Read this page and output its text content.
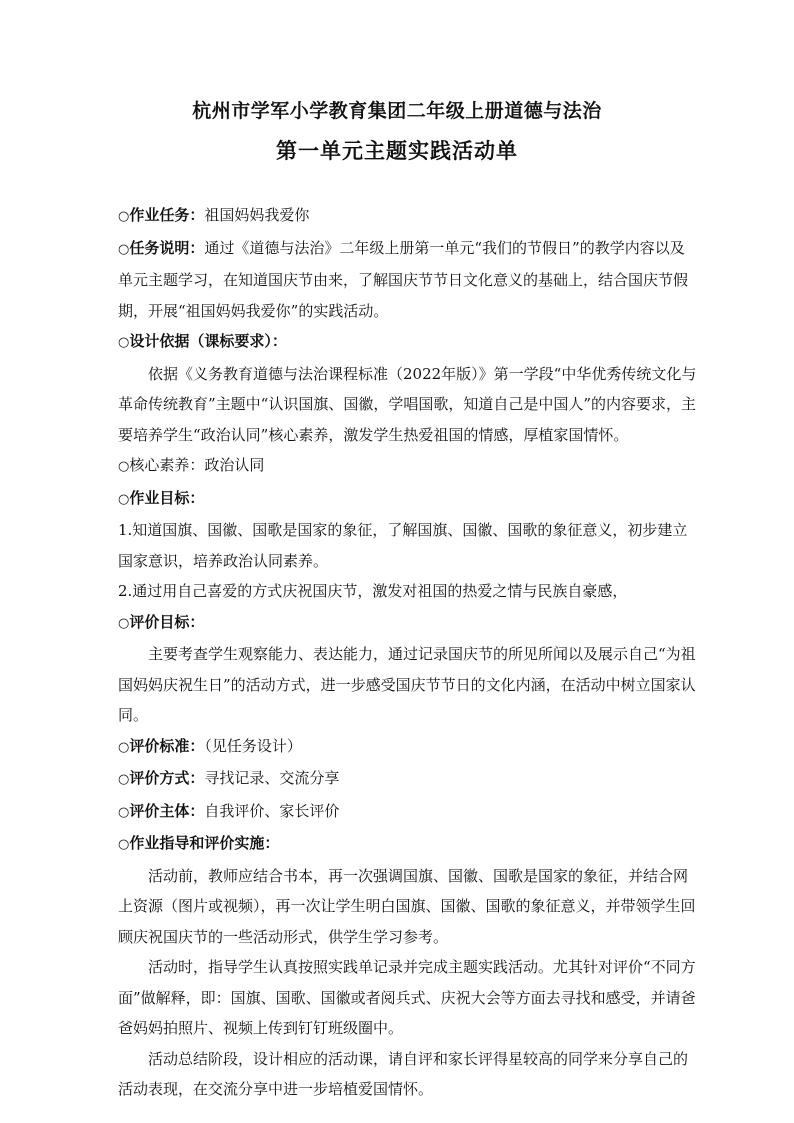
杭州市学军小学教育集团二年级上册道德与法治
第一单元主题实践活动单

○作业任务：祖国妈妈我爱你

○任务说明：通过《道德与法治》二年级上册第一单元“我们的节假日”的教学内容以及单元主题学习，在知道国庆节由来，了解国庆节节日文化意义的基础上，结合国庆节假期，开展“祖国妈妈我爱你”的实践活动。

○设计依据（课标要求）：

依据《义务教育道德与法治课程标准（2022年版）》第一学段“中华优秀传统文化与革命传统教育”主题中“认识国旗、国徽，学唱国歌，知道自己是中国人”的内容要求，主要培养学生“政治认同”核心素养，激发学生热爱祖国的情感，厚植家国情怀。

○核心素养：政治认同

○作业目标：

1.知道国旗、国徽、国歌是国家的象征，了解国旗、国徽、国歌的象征意义，初步建立国家意识，培养政治认同素养。

2.通过用自己喜爱的方式庆祝国庆节，激发对祖国的热爱之情与民族自豪感，

○评价目标：

主要考查学生观察能力、表达能力，通过记录国庆节的所见所闻以及展示自己“为祖国妈妈庆祝生日”的活动方式，进一步感受国庆节节日的文化内涵，在活动中树立国家认同。

○评价标准：（见任务设计）

○评价方式：寻找记录、交流分享

○评价主体：自我评价、家长评价

○作业指导和评价实施：

活动前，教师应结合书本，再一次强调国旗、国徽、国歌是国家的象征，并结合网上资源（图片或视频），再一次让学生明白国旗、国徽、国歌的象征意义，并带领学生回顾庆祝国庆节的一些活动形式，供学生学习参考。

活动时，指导学生认真按照实践单记录并完成主题实践活动。尤其针对评价“不同方面”做解释，即：国旗、国歌、国徽或者阅兵式、庆祝大会等方面去寻找和感受，并请爸爸妈妈拍照片、视频上传到钉钉班级圈中。

活动总结阶段，设计相应的活动课，请自评和家长评得星较高的同学来分享自己的活动表现，在交流分享中进一步培植爱国情怀。
